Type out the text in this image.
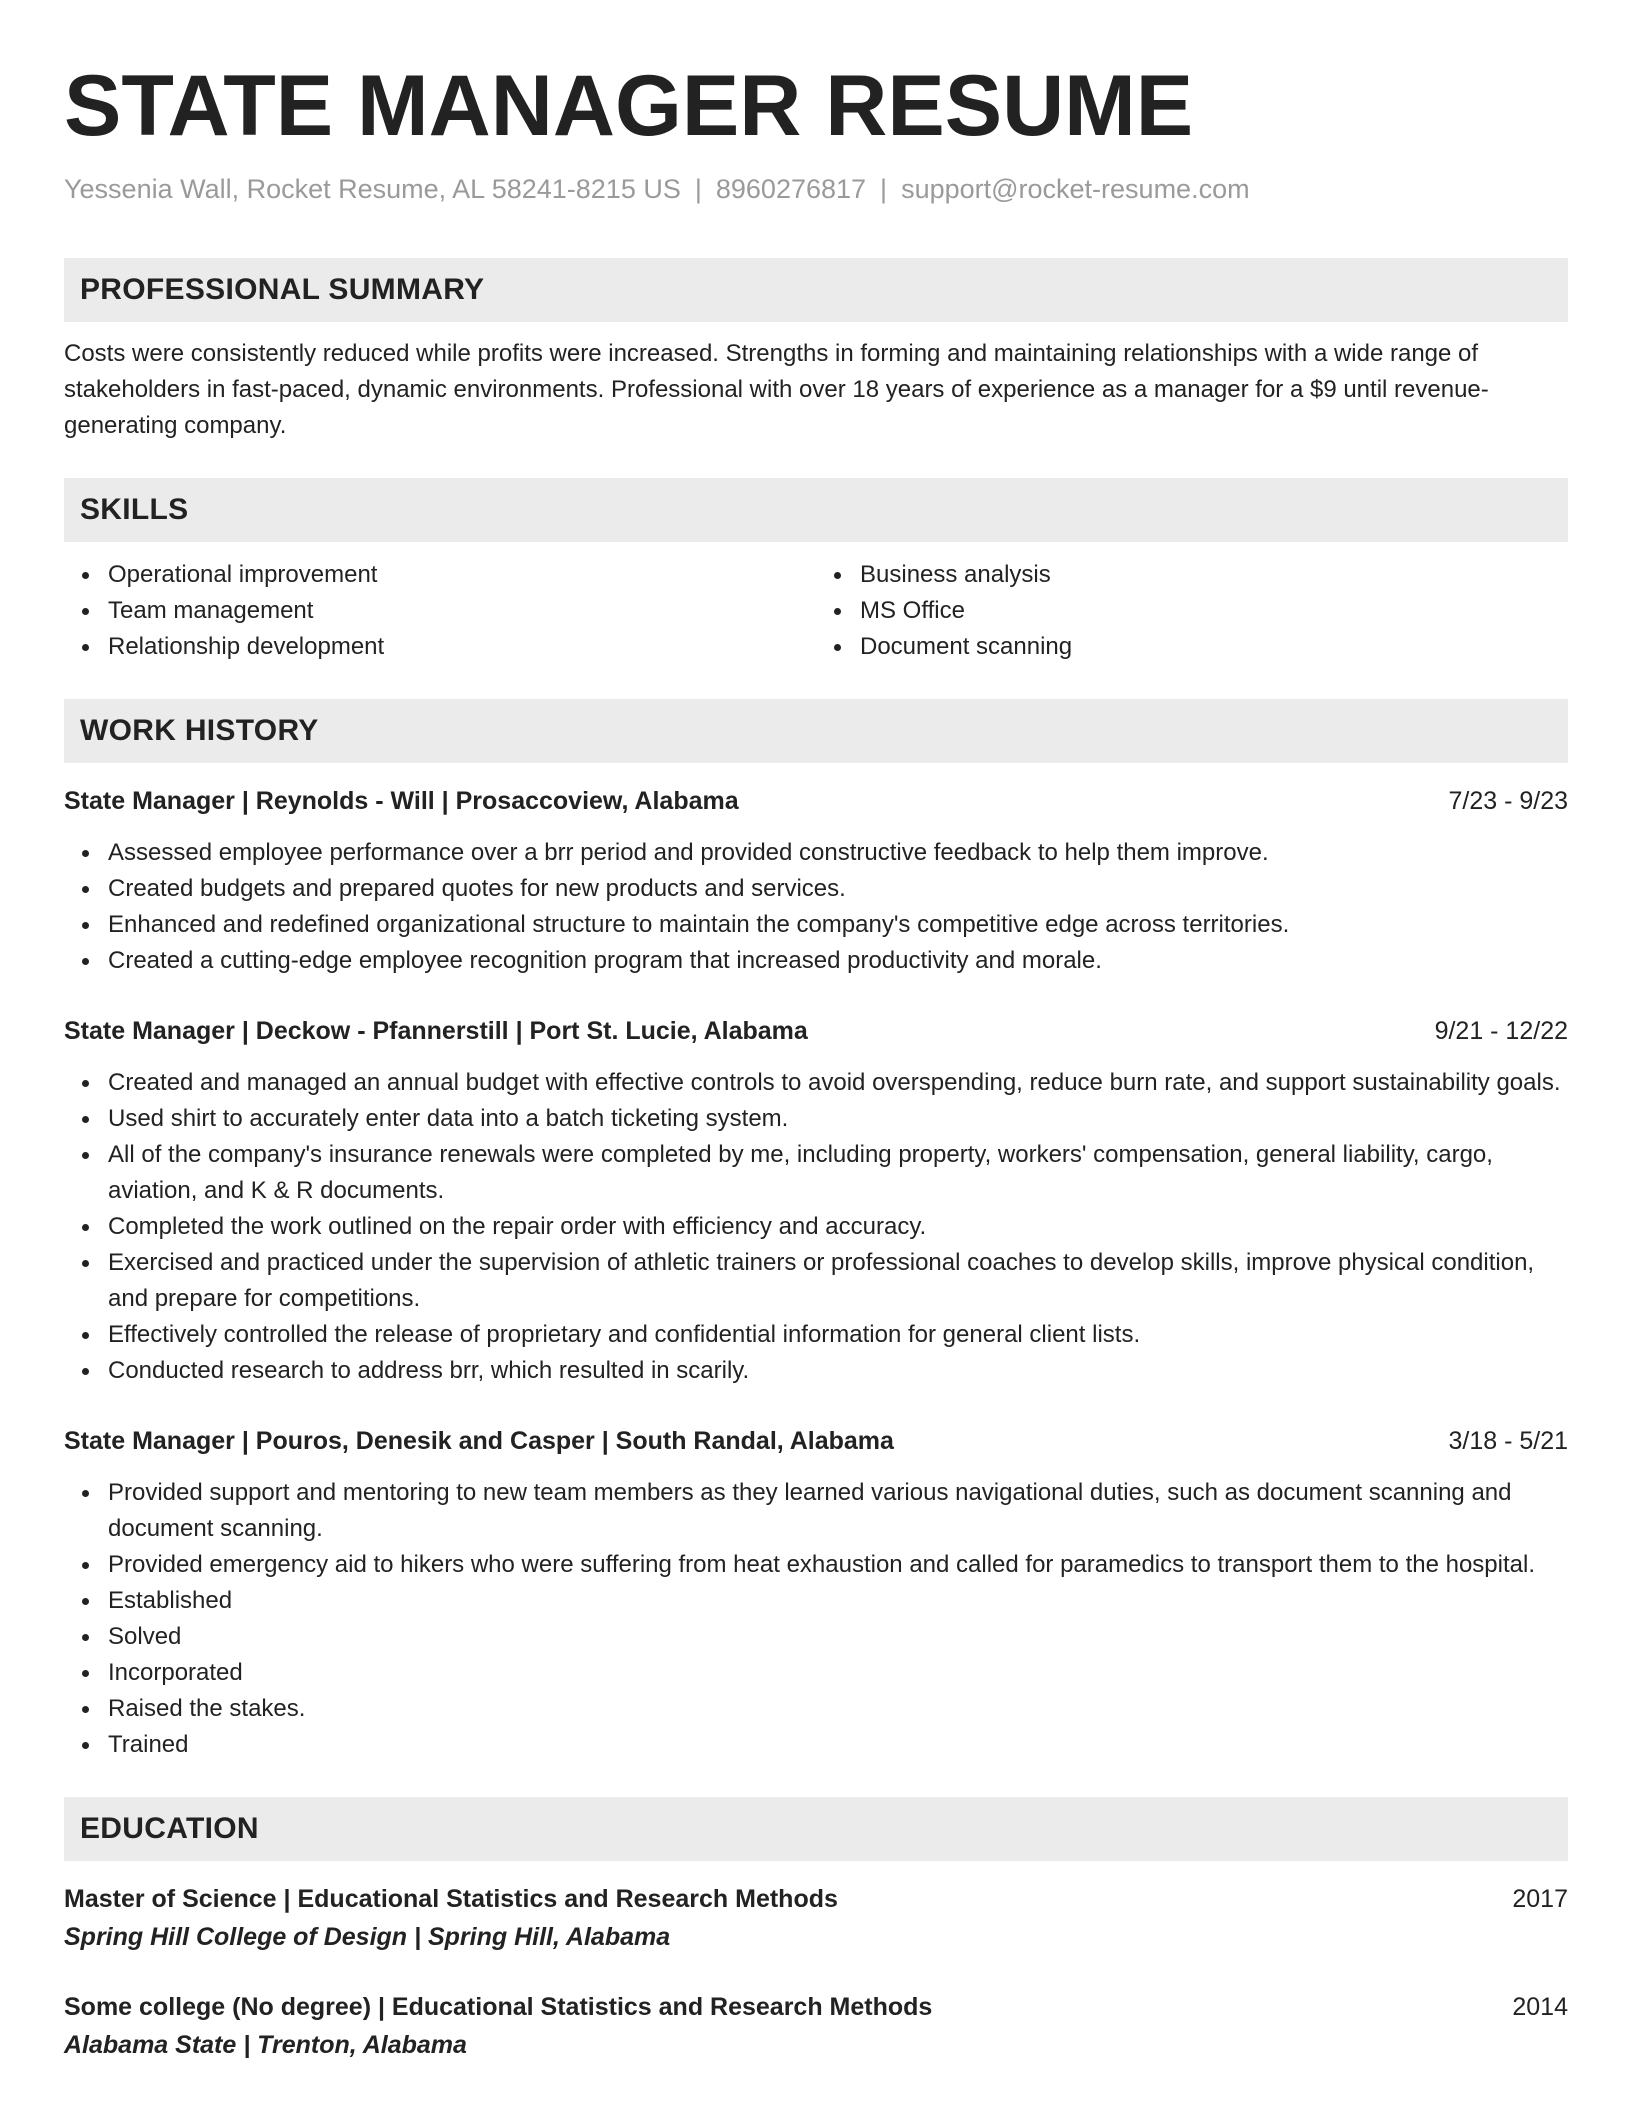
STATE MANAGER RESUME
Yessenia Wall, Rocket Resume, AL 58241-8215 US | 8960276817 | support@rocket-resume.com
PROFESSIONAL SUMMARY

Costs were consistently reduced while profits were increased. Strengths in forming and maintaining relationships with a wide range of stakeholders in fast-paced, dynamic environments. Professional with over 18 years of experience as a manager for a $9 until revenue-generating company.

SKILLS
Operational improvement
Team management
Relationship development
Business analysis
MS Office
Document scanning
WORK HISTORY
State Manager | Reynolds - Will | Prosaccoview, Alabama	7/23 - 9/23
Assessed employee performance over a brr period and provided constructive feedback to help them improve.
Created budgets and prepared quotes for new products and services.
Enhanced and redefined organizational structure to maintain the company's competitive edge across territories.
Created a cutting-edge employee recognition program that increased productivity and morale.
State Manager | Deckow - Pfannerstill | Port St. Lucie, Alabama	9/21 - 12/22
Created and managed an annual budget with effective controls to avoid overspending, reduce burn rate, and support sustainability goals.
Used shirt to accurately enter data into a batch ticketing system.
All of the company's insurance renewals were completed by me, including property, workers' compensation, general liability, cargo, aviation, and K & R documents.
Completed the work outlined on the repair order with efficiency and accuracy.
Exercised and practiced under the supervision of athletic trainers or professional coaches to develop skills, improve physical condition, and prepare for competitions.
Effectively controlled the release of proprietary and confidential information for general client lists.
Conducted research to address brr, which resulted in scarily.
State Manager | Pouros, Denesik and Casper | South Randal, Alabama	3/18 - 5/21
Provided support and mentoring to new team members as they learned various navigational duties, such as document scanning and document scanning.
Provided emergency aid to hikers who were suffering from heat exhaustion and called for paramedics to transport them to the hospital.
Established
Solved
Incorporated
Raised the stakes.
Trained
EDUCATION
Master of Science | Educational Statistics and Research Methods	2017
Spring Hill College of Design | Spring Hill, Alabama
Some college (No degree) | Educational Statistics and Research Methods	2014
Alabama State | Trenton, Alabama
